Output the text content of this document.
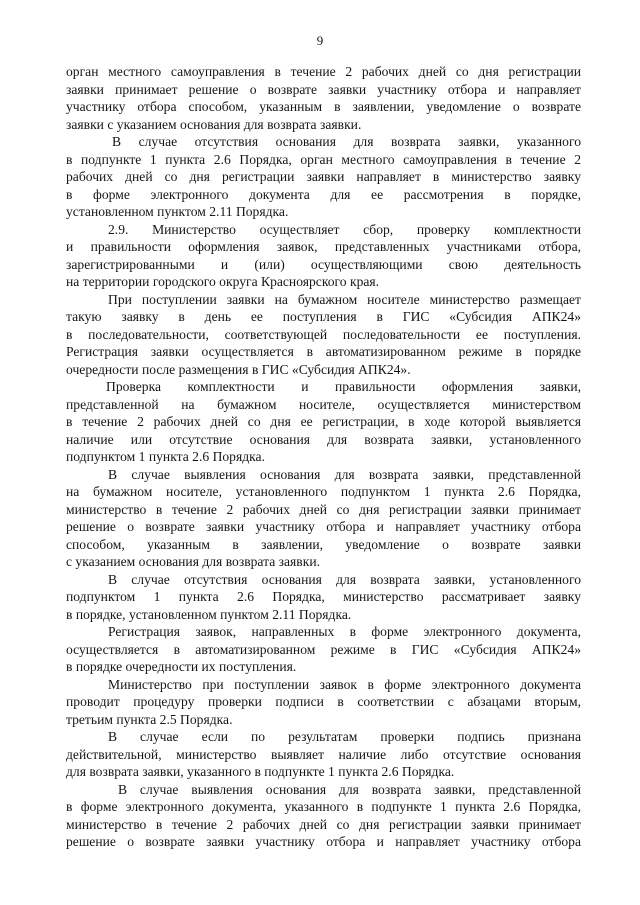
9
орган местного самоуправления в течение 2 рабочих дней со дня регистрации
заявки принимает решение о возврате заявки участнику отбора и направляет
участнику отбора способом, указанным в заявлении, уведомление о возврате
заявки с указанием основания для возврата заявки.
В случае отсутствия основания для возврата заявки, указанного
в подпункте 1 пункта 2.6 Порядка, орган местного самоуправления в течение 2
рабочих дней со дня регистрации заявки направляет в министерство заявку
в форме электронного документа для ее рассмотрения в порядке,
установленном пунктом 2.11 Порядка.
2.9. Министерство осуществляет сбор, проверку комплектности
и правильности оформления заявок, представленных участниками отбора,
зарегистрированными и (или) осуществляющими свою деятельность
на территории городского округа Красноярского края.
При поступлении заявки на бумажном носителе министерство размещает
такую заявку в день ее поступления в ГИС «Субсидия АПК24»
в последовательности, соответствующей последовательности ее поступления.
Регистрация заявки осуществляется в автоматизированном режиме в порядке
очередности после размещения в ГИС «Субсидия АПК24».
Проверка комплектности и правильности оформления заявки,
представленной на бумажном носителе, осуществляется министерством
в течение 2 рабочих дней со дня ее регистрации, в ходе которой выявляется
наличие или отсутствие основания для возврата заявки, установленного
подпунктом 1 пункта 2.6 Порядка.
В случае выявления основания для возврата заявки, представленной
на бумажном носителе, установленного подпунктом 1 пункта 2.6 Порядка,
министерство в течение 2 рабочих дней со дня регистрации заявки принимает
решение о возврате заявки участнику отбора и направляет участнику отбора
способом, указанным в заявлении, уведомление о возврате заявки
с указанием основания для возврата заявки.
В случае отсутствия основания для возврата заявки, установленного
подпунктом 1 пункта 2.6 Порядка, министерство рассматривает заявку
в порядке, установленном пунктом 2.11 Порядка.
Регистрация заявок, направленных в форме электронного документа,
осуществляется в автоматизированном режиме в ГИС «Субсидия АПК24»
в порядке очередности их поступления.
Министерство при поступлении заявок в форме электронного документа
проводит процедуру проверки подписи в соответствии с абзацами вторым,
третьим пункта 2.5 Порядка.
В случае если по результатам проверки подпись признана
действительной, министерство выявляет наличие либо отсутствие основания
для возврата заявки, указанного в подпункте 1 пункта 2.6 Порядка.
В случае выявления основания для возврата заявки, представленной
в форме электронного документа, указанного в подпункте 1 пункта 2.6 Порядка,
министерство в течение 2 рабочих дней со дня регистрации заявки принимает
решение о возврате заявки участнику отбора и направляет участнику отбора
